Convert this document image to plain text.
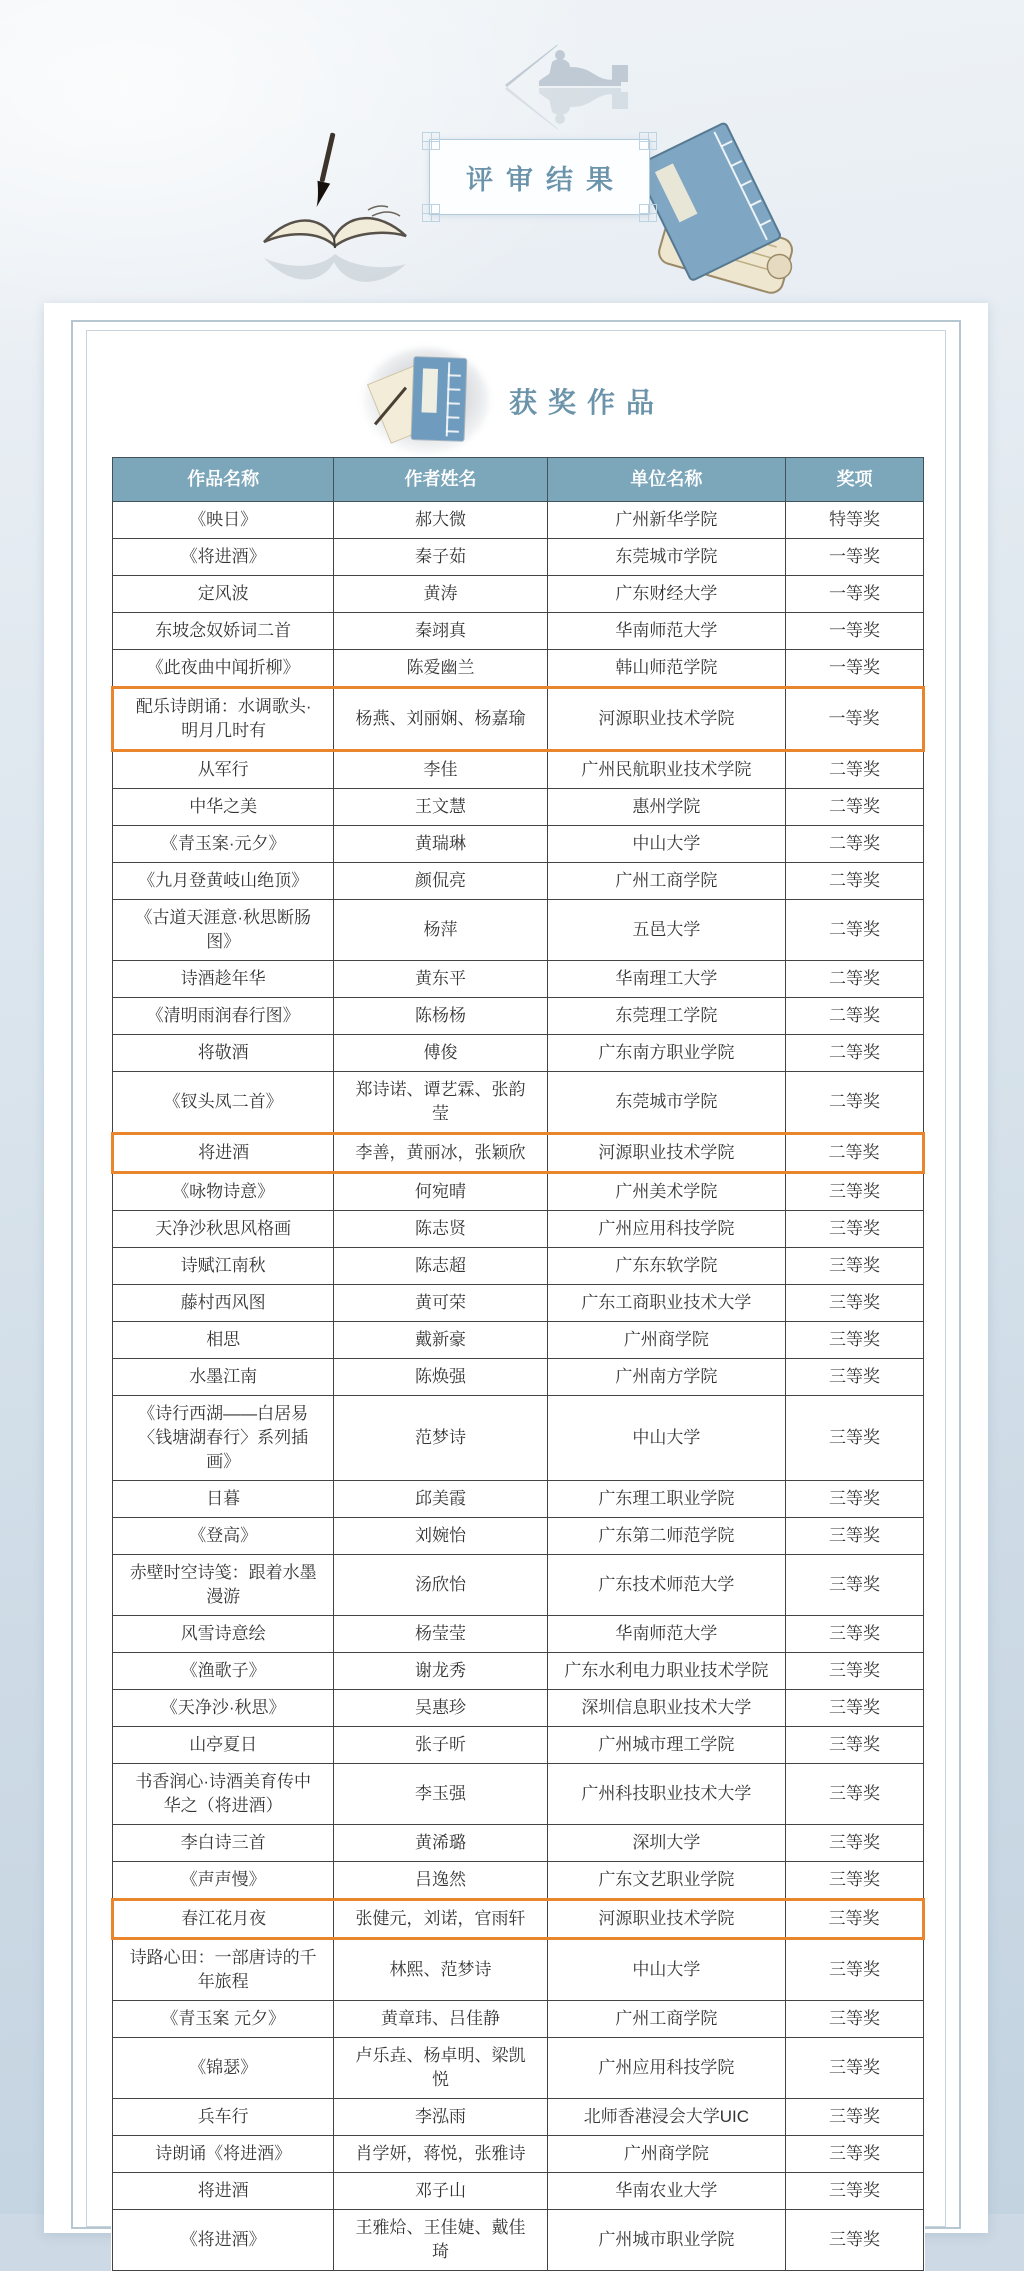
评审结果
获奖作品
作品名称	作者姓名	单位名称	奖项
《映日》	郝大微	广州新华学院	特等奖
《将进酒》	秦子茹	东莞城市学院	一等奖
定风波	黄涛	广东财经大学	一等奖
东坡念奴娇词二首	秦翊真	华南师范大学	一等奖
《此夜曲中闻折柳》	陈爱幽兰	韩山师范学院	一等奖
配乐诗朗诵：水调歌头·明月几时有	杨燕、刘丽娴、杨嘉瑜	河源职业技术学院	一等奖
从军行	李佳	广州民航职业技术学院	二等奖
中华之美	王文慧	惠州学院	二等奖
《青玉案·元夕》	黄瑞琳	中山大学	二等奖
《九月登黄岐山绝顶》	颜侃亮	广州工商学院	二等奖
《古道天涯意·秋思断肠图》	杨萍	五邑大学	二等奖
诗酒趁年华	黄东平	华南理工大学	二等奖
《清明雨润春行图》	陈杨杨	东莞理工学院	二等奖
将敬酒	傅俊	广东南方职业学院	二等奖
《钗头凤二首》	郑诗诺、谭艺霖、张韵莹	东莞城市学院	二等奖
将进酒	李善，黄丽冰，张颖欣	河源职业技术学院	二等奖
《咏物诗意》	何宛晴	广州美术学院	三等奖
天净沙秋思风格画	陈志贤	广州应用科技学院	三等奖
诗赋江南秋	陈志超	广东东软学院	三等奖
藤村西风图	黄可荣	广东工商职业技术大学	三等奖
相思	戴新豪	广州商学院	三等奖
水墨江南	陈焕强	广州南方学院	三等奖
《诗行西湖——白居易〈钱塘湖春行〉系列插画》	范梦诗	中山大学	三等奖
日暮	邱美霞	广东理工职业学院	三等奖
《登高》	刘婉怡	广东第二师范学院	三等奖
赤壁时空诗笺：跟着水墨漫游	汤欣怡	广东技术师范大学	三等奖
风雪诗意绘	杨莹莹	华南师范大学	三等奖
《渔歌子》	谢龙秀	广东水利电力职业技术学院	三等奖
《天净沙·秋思》	吴惠珍	深圳信息职业技术大学	三等奖
山亭夏日	张子昕	广州城市理工学院	三等奖
书香润心·诗酒美育传中华之（将进酒）	李玉强	广州科技职业技术大学	三等奖
李白诗三首	黄浠璐	深圳大学	三等奖
《声声慢》	吕逸然	广东文艺职业学院	三等奖
春江花月夜	张健元，刘诺，官雨轩	河源职业技术学院	三等奖
诗路心田：一部唐诗的千年旅程	林熙、范梦诗	中山大学	三等奖
《青玉案 元夕》	黄章玮、吕佳静	广州工商学院	三等奖
《锦瑟》	卢乐垚、杨卓明、梁凯悦	广州应用科技学院	三等奖
兵车行	李泓雨	北师香港浸会大学UIC	三等奖
诗朗诵《将进酒》	肖学妍，蒋悦，张雅诗	广州商学院	三等奖
将进酒	邓子山	华南农业大学	三等奖
《将进酒》	王雅烚、王佳婕、戴佳琦	广州城市职业学院	三等奖
